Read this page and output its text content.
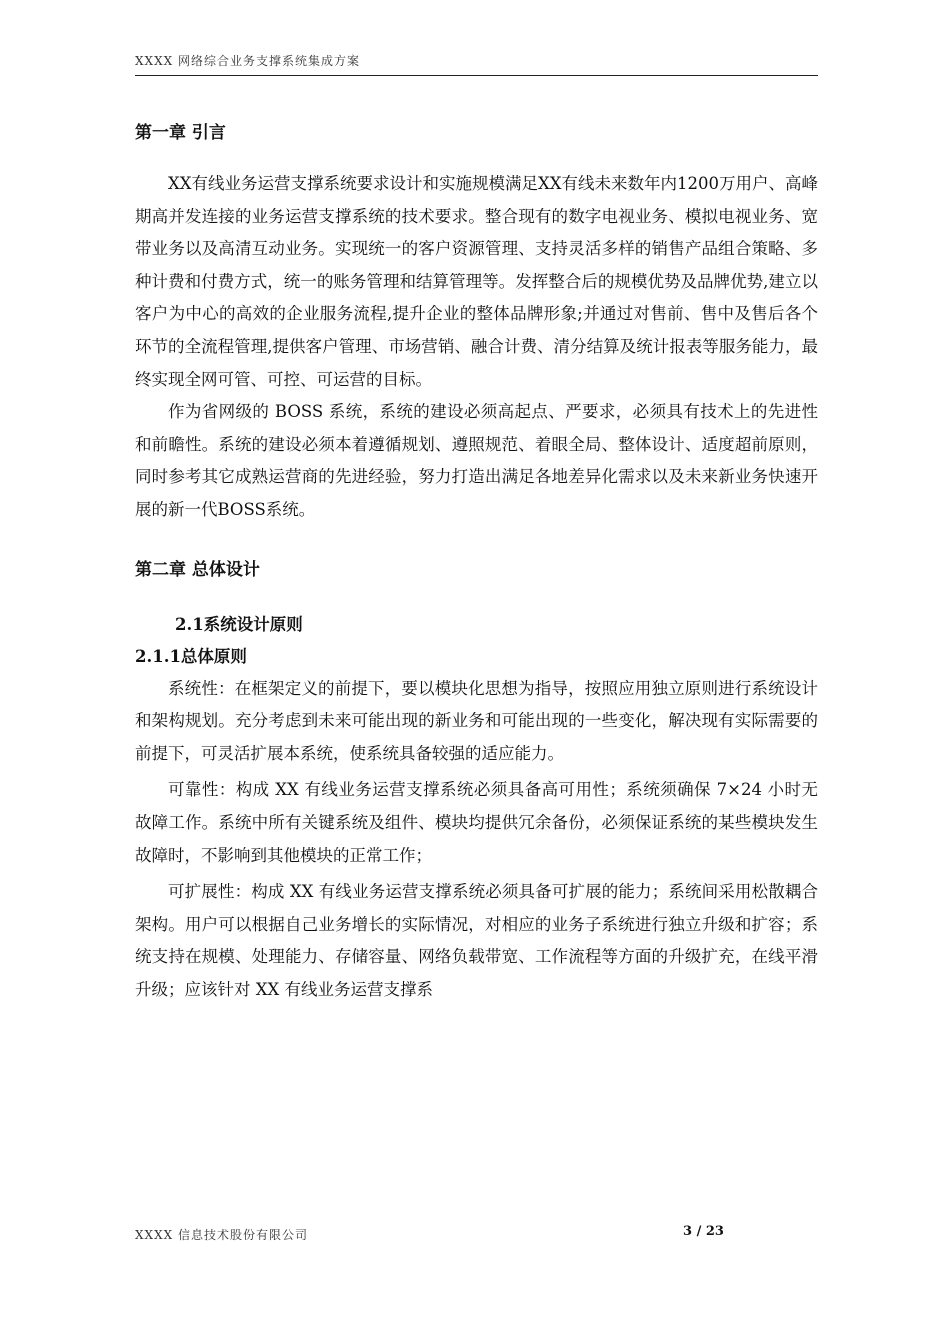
XXXX 网络综合业务支撑系统集成方案
第一章 引言

XX有线业务运营支撑系统要求设计和实施规模满足XX有线未来数年内1200万用户、高峰期高并发连接的业务运营支撑系统的技术要求。整合现有的数字电视业务、模拟电视业务、宽带业务以及高清互动业务。实现统一的客户资源管理、支持灵活多样的销售产品组合策略、多种计费和付费方式，统一的账务管理和结算管理等。发挥整合后的规模优势及品牌优势,建立以客户为中心的高效的企业服务流程,提升企业的整体品牌形象;并通过对售前、售中及售后各个环节的全流程管理,提供客户管理、市场营销、融合计费、清分结算及统计报表等服务能力，最终实现全网可管、可控、可运营的目标。

作为省网级的 BOSS 系统，系统的建设必须高起点、严要求，必须具有技术上的先进性和前瞻性。系统的建设必须本着遵循规划、遵照规范、着眼全局、整体设计、适度超前原则，同时参考其它成熟运营商的先进经验，努力打造出满足各地差异化需求以及未来新业务快速开展的新一代BOSS系统。

第二章 总体设计
2.1系统设计原则
2.1.1总体原则

系统性：在框架定义的前提下，要以模块化思想为指导，按照应用独立原则进行系统设计和架构规划。充分考虑到未来可能出现的新业务和可能出现的一些变化，解决现有实际需要的前提下，可灵活扩展本系统，使系统具备较强的适应能力。

可靠性：构成 XX 有线业务运营支撑系统必须具备高可用性；系统须确保 7×24 小时无故障工作。系统中所有关键系统及组件、模块均提供冗余备份，必须保证系统的某些模块发生故障时，不影响到其他模块的正常工作；

可扩展性：构成 XX 有线业务运营支撑系统必须具备可扩展的能力；系统间采用松散耦合架构。用户可以根据自己业务增长的实际情况，对相应的业务子系统进行独立升级和扩容；系统支持在规模、处理能力、存储容量、网络负载带宽、工作流程等方面的升级扩充，在线平滑升级；应该针对 XX 有线业务运营支撑系

XXXX 信息技术股份有限公司	3 / 23
